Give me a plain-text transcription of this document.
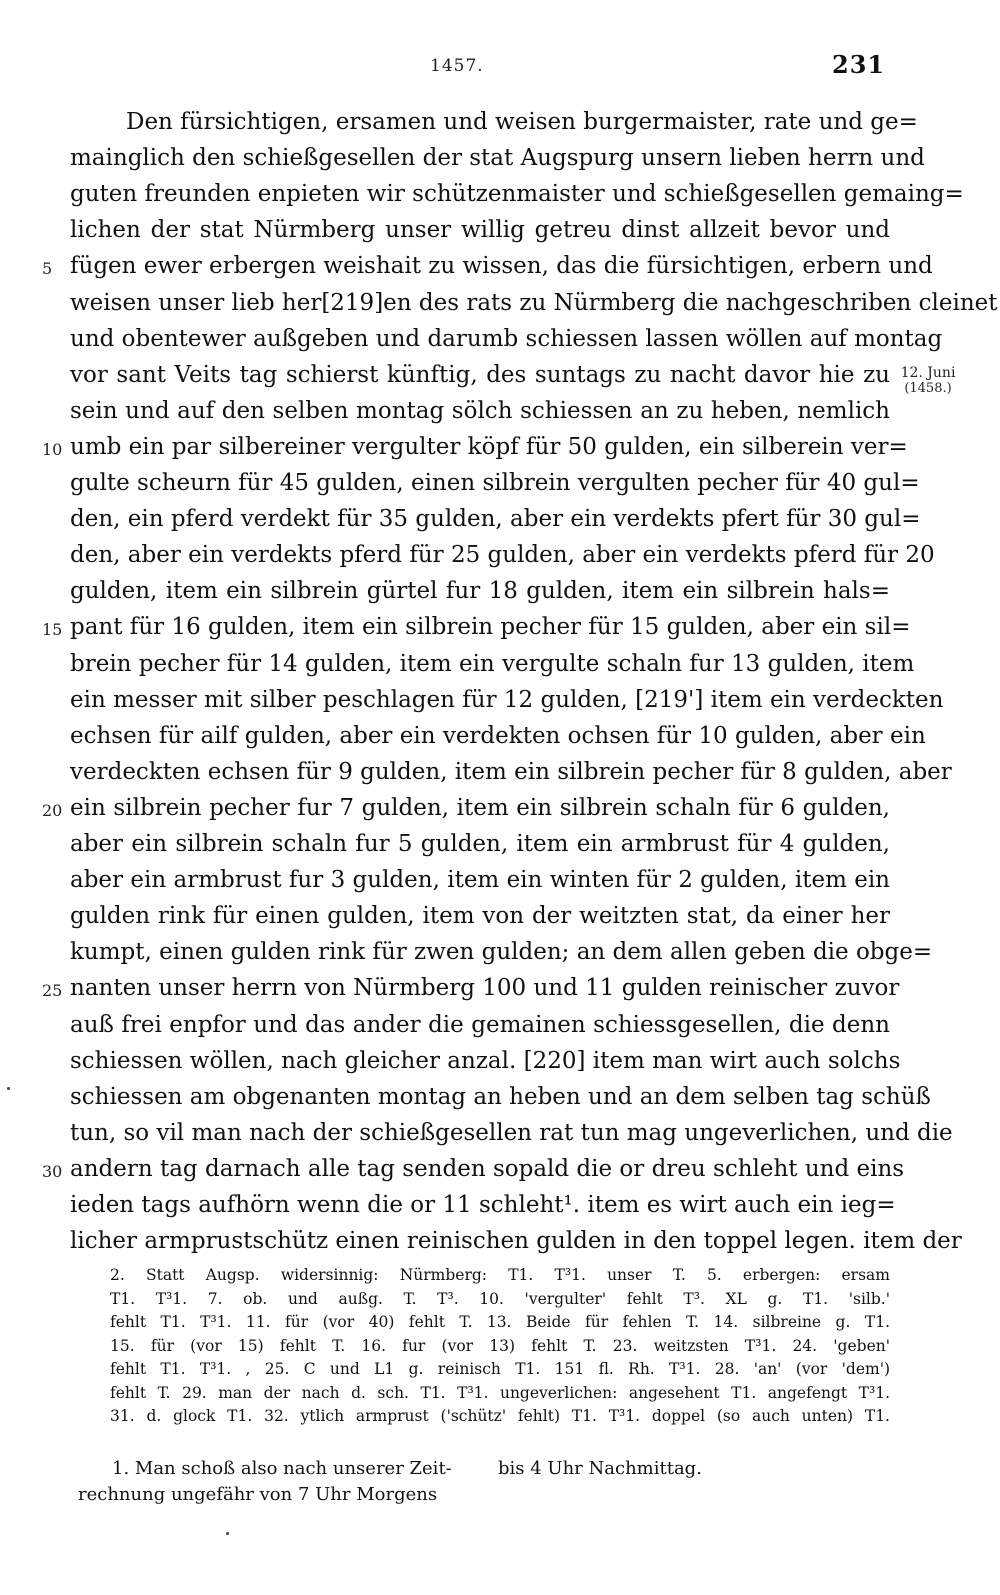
1457.	231
Den fürsichtigen, ersamen und weisen burgermaister, rate und ge=
mainglich den schießgesellen der stat Augspurg unsern lieben herrn und
guten freunden enpieten wir schützenmaister und schießgesellen gemaing=
lichen der stat Nürmberg unser willig getreu dinst allzeit bevor und
5 fügen ewer erbergen weishait zu wissen, das die fürsichtigen, erbern und
weisen unser lieb her[219]en des rats zu Nürmberg die nachgeschriben cleinet
und obentewer außgeben und darumb schiessen lassen wöllen auf montag
vor sant Veits tag schierst künftig, des suntags zu nacht davor hie zu
sein und auf den selben montag sölch schiessen an zu heben, nemlich
10 umb ein par silbereiner vergulter köpf für 50 gulden, ein silberein ver=
gulte scheurn für 45 gulden, einen silbrein vergulten pecher für 40 gul=
den, ein pferd verdekt für 35 gulden, aber ein verdekts pfert für 30 gul=
den, aber ein verdekts pferd für 25 gulden, aber ein verdekts pferd für 20
gulden, item ein silbrein gürtel fur 18 gulden, item ein silbrein hals=
15 pant für 16 gulden, item ein silbrein pecher für 15 gulden, aber ein sil=
brein pecher für 14 gulden, item ein vergulte schaln fur 13 gulden, item
ein messer mit silber peschlagen für 12 gulden, [219'] item ein verdeckten
echsen für ailf gulden, aber ein verdekten ochsen für 10 gulden, aber ein
verdeckten echsen für 9 gulden, item ein silbrein pecher für 8 gulden, aber
20 ein silbrein pecher fur 7 gulden, item ein silbrein schaln für 6 gulden,
aber ein silbrein schaln fur 5 gulden, item ein armbrust für 4 gulden,
aber ein armbrust fur 3 gulden, item ein winten für 2 gulden, item ein
gulden rink für einen gulden, item von der weitzten stat, da einer her
kumpt, einen gulden rink für zwen gulden; an dem allen geben die obge=
25 nanten unser herrn von Nürmberg 100 und 11 gulden reinischer zuvor
auß frei enpfor und das ander die gemainen schiessgesellen, die denn
schiessen wöllen, nach gleicher anzal. [220] item man wirt auch solchs
schiessen am obgenanten montag an heben und an dem selben tag schüß
tun, so vil man nach der schießgesellen rat tun mag ungeverlichen, und die
30 andern tag darnach alle tag senden sopald die or dreu schleht und eins
ieden tags aufhörn wenn die or 11 schleht¹. item es wirt auch ein ieg=
licher armprustschütz einen reinischen gulden in den toppel legen. item der
12. Juni
(1458.)
2. Statt Augsp. widersinnig: Nürmberg: T1. T³1. unser T. 5. erbergen: ersam
T1. T³1. 7. ob. und außg. T. T³. 10. 'vergulter' fehlt T³. XL g. T1. 'silb.'
fehlt T1. T³1. 11. für (vor 40) fehlt T. 13. Beide für fehlen T. 14. silbreine g. T1.
15. für (vor 15) fehlt T. 16. fur (vor 13) fehlt T. 23. weitzsten T³1. 24. 'geben'
fehlt T1. T³1. , 25. C und L1 g. reinisch T1. 151 fl. Rh. T³1. 28. 'an' (vor 'dem')
fehlt T. 29. man der nach d. sch. T1. T³1. ungeverlichen: angesehent T1. angefengt T³1.
31. d. glock T1. 32. ytlich armprust ('schütz' fehlt) T1. T³1. doppel (so auch unten) T1.
1. Man schoß also nach unserer Zeit-
rechnung ungefähr von 7 Uhr Morgens
bis 4 Uhr Nachmittag.
